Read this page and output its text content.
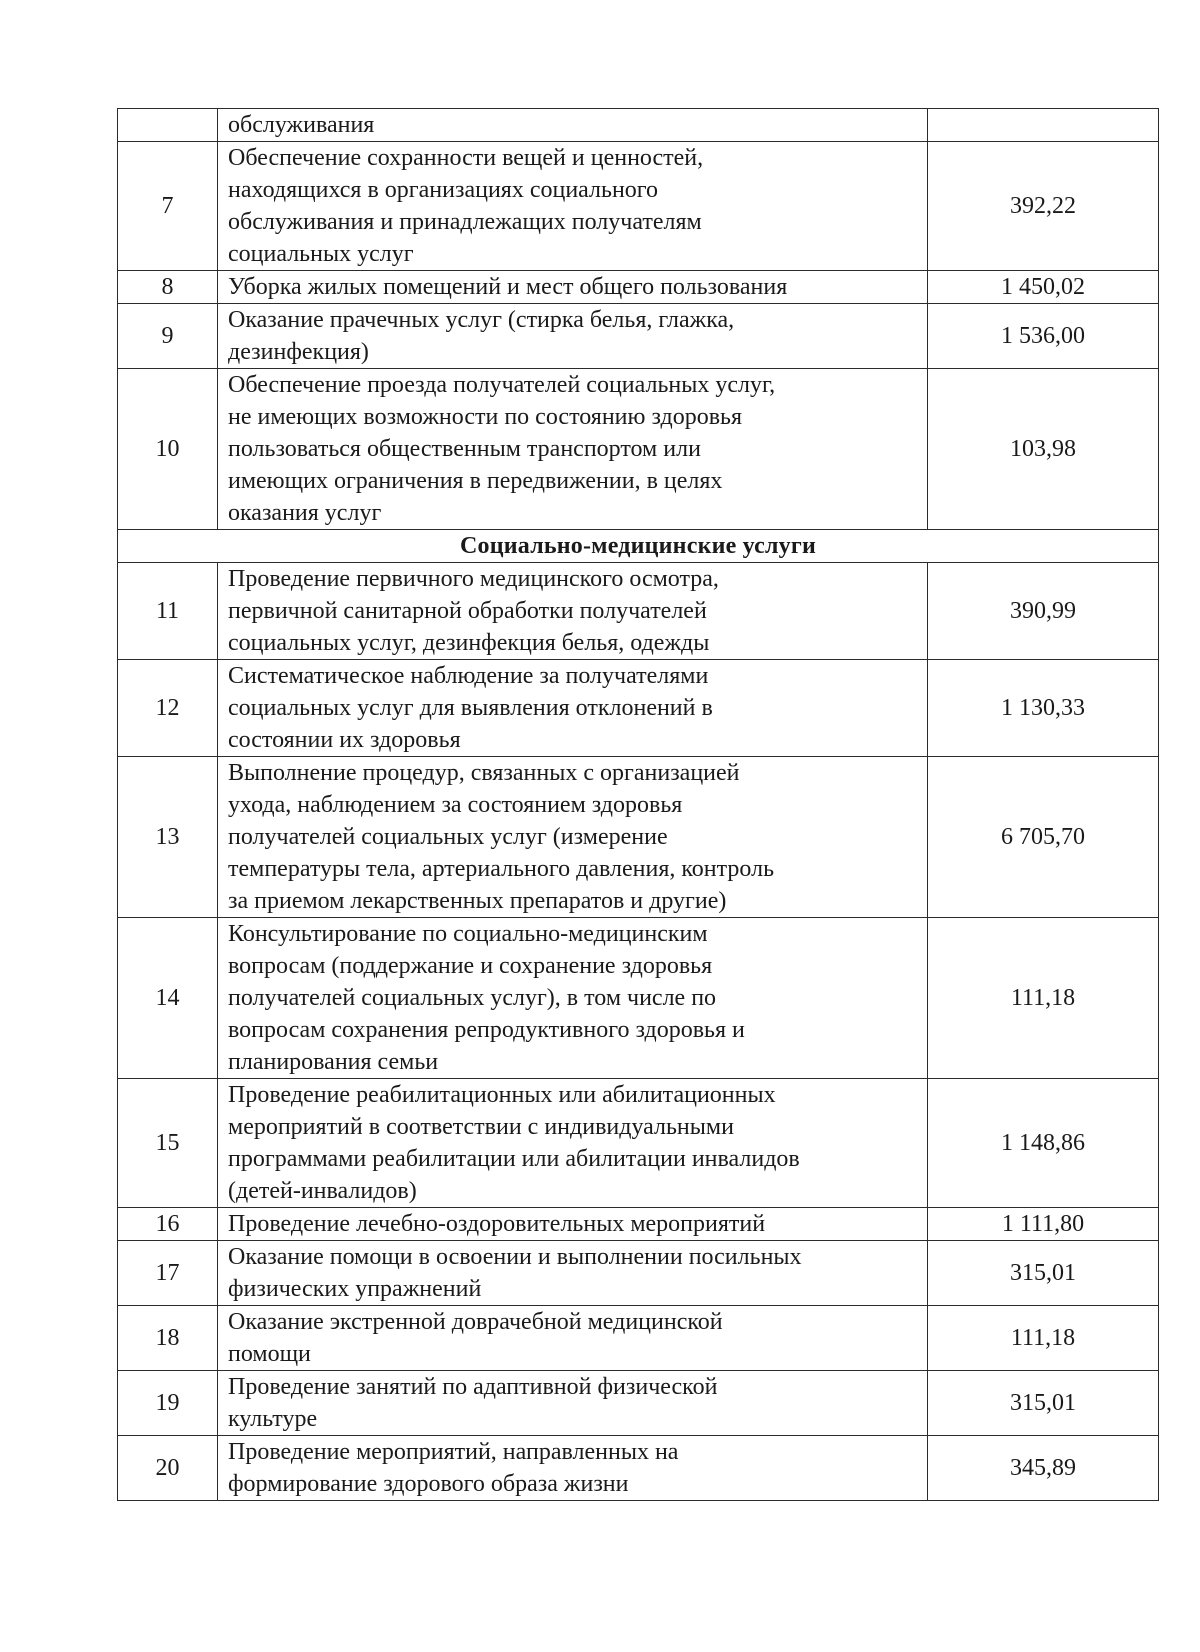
	обслуживания	

7	Обеспечение сохранности вещей и ценностей,
находящихся в организациях социального
обслуживания и принадлежащих получателям
социальных услуг	392,22
8	Уборка жилых помещений и мест общего пользования	1 450,02
9	Оказание прачечных услуг (стирка белья, глажка,
дезинфекция)	1 536,00
10	Обеспечение проезда получателей социальных услуг,
не имеющих возможности по состоянию здоровья
пользоваться общественным транспортом или
имеющих ограничения в передвижении, в целях
оказания услуг	103,98
Социально-медицинские услуги		
11	Проведение первичного медицинского осмотра,
первичной санитарной обработки получателей
социальных услуг, дезинфекция белья, одежды	390,99
12	Систематическое наблюдение за получателями
социальных услуг для выявления отклонений в
состоянии их здоровья	1 130,33
13	Выполнение процедур, связанных с организацией
ухода, наблюдением за состоянием здоровья
получателей социальных услуг (измерение
температуры тела, артериального давления, контроль
за приемом лекарственных препаратов и другие)	6 705,70
14	Консультирование по социально-медицинским
вопросам (поддержание и сохранение здоровья
получателей социальных услуг), в том числе по
вопросам сохранения репродуктивного здоровья и
планирования семьи	111,18
15	Проведение реабилитационных или абилитационных
мероприятий в соответствии с индивидуальными
программами реабилитации или абилитации инвалидов
(детей-инвалидов)	1 148,86
16	Проведение лечебно-оздоровительных мероприятий	1 111,80
17	Оказание помощи в освоении и выполнении посильных
физических упражнений	315,01
18	Оказание экстренной доврачебной медицинской
помощи	111,18
19	Проведение занятий по адаптивной физической
культуре	315,01
20	Проведение мероприятий, направленных на
формирование здорового образа жизни	345,89
